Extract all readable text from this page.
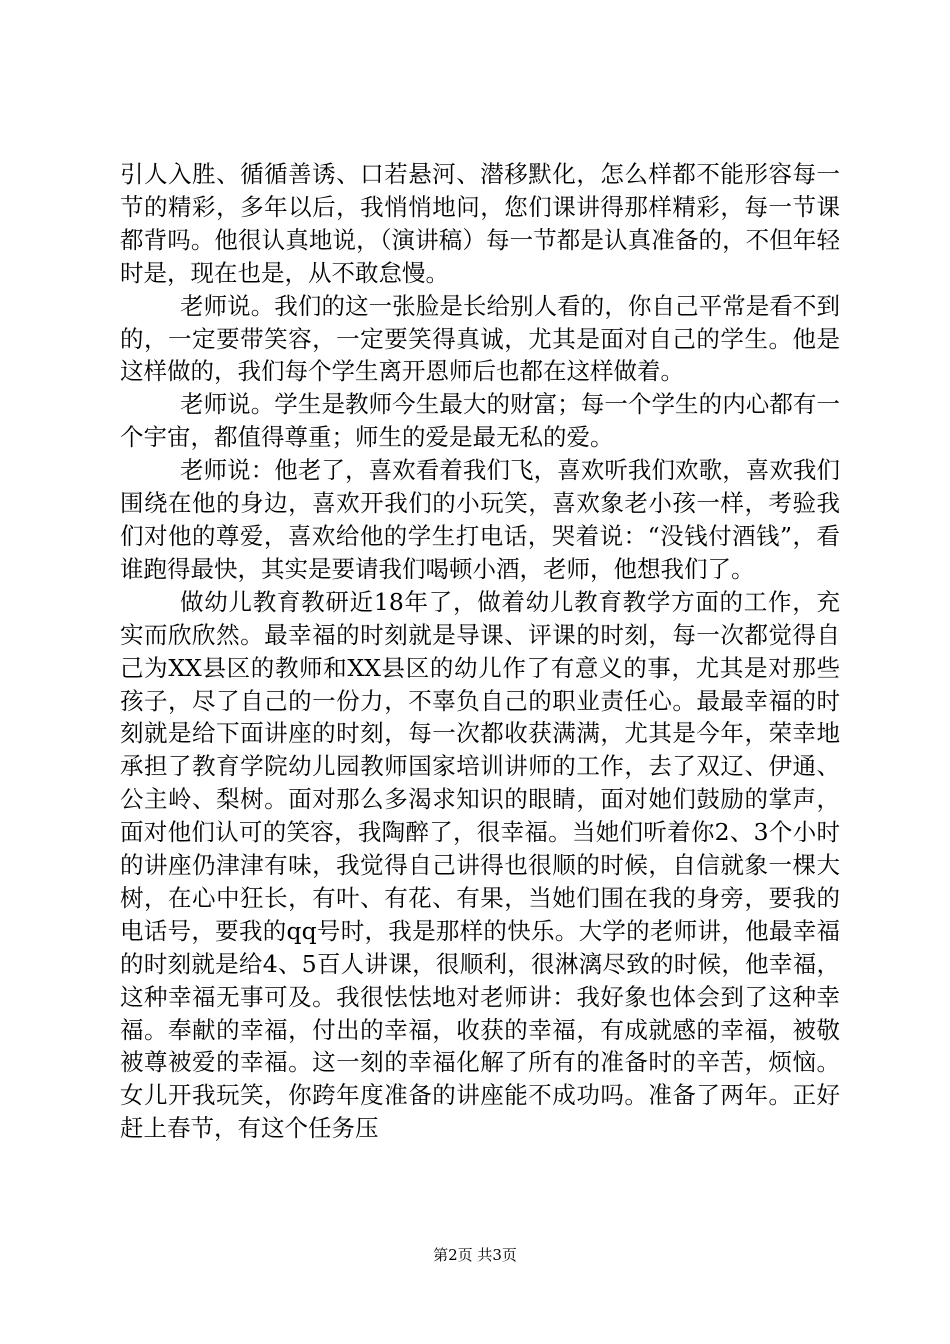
引人入胜、循循善诱、口若悬河、潜移默化，怎么样都不能形容每一节的精彩，多年以后，我悄悄地问，您们课讲得那样精彩，每一节课都背吗。他很认真地说，（演讲稿）每一节都是认真准备的，不但年轻时是，现在也是，从不敢怠慢。

老师说。我们的这一张脸是长给别人看的，你自己平常是看不到的，一定要带笑容，一定要笑得真诚，尤其是面对自己的学生。他是这样做的，我们每个学生离开恩师后也都在这样做着。

老师说。学生是教师今生最大的财富；每一个学生的内心都有一个宇宙，都值得尊重；师生的爱是最无私的爱。

老师说：他老了，喜欢看着我们飞，喜欢听我们欢歌，喜欢我们围绕在他的身边，喜欢开我们的小玩笑，喜欢象老小孩一样，考验我们对他的尊爱，喜欢给他的学生打电话，哭着说：“没钱付酒钱”，看谁跑得最快，其实是要请我们喝顿小酒，老师，他想我们了。

做幼儿教育教研近18年了，做着幼儿教育教学方面的工作，充实而欣欣然。最幸福的时刻就是导课、评课的时刻，每一次都觉得自己为XX县区的教师和XX县区的幼儿作了有意义的事，尤其是对那些孩子，尽了自己的一份力，不辜负自己的职业责任心。最最幸福的时刻就是给下面讲座的时刻，每一次都收获满满，尤其是今年，荣幸地承担了教育学院幼儿园教师国家培训讲师的工作，去了双辽、伊通、公主岭、梨树。面对那么多渴求知识的眼睛，面对她们鼓励的掌声，面对他们认可的笑容，我陶醉了，很幸福。当她们听着你2、3个小时的讲座仍津津有味，我觉得自己讲得也很顺的时候，自信就象一棵大树，在心中狂长，有叶、有花、有果，当她们围在我的身旁，要我的电话号，要我的qq号时，我是那样的快乐。大学的老师讲，他最幸福的时刻就是给4、5百人讲课，很顺利，很淋漓尽致的时候，他幸福，这种幸福无事可及。我很怯怯地对老师讲：我好象也体会到了这种幸福。奉献的幸福，付出的幸福，收获的幸福，有成就感的幸福，被敬被尊被爱的幸福。这一刻的幸福化解了所有的准备时的辛苦，烦恼。女儿开我玩笑，你跨年度准备的讲座能不成功吗。准备了两年。正好赶上春节，有这个任务压

第2页 共3页
